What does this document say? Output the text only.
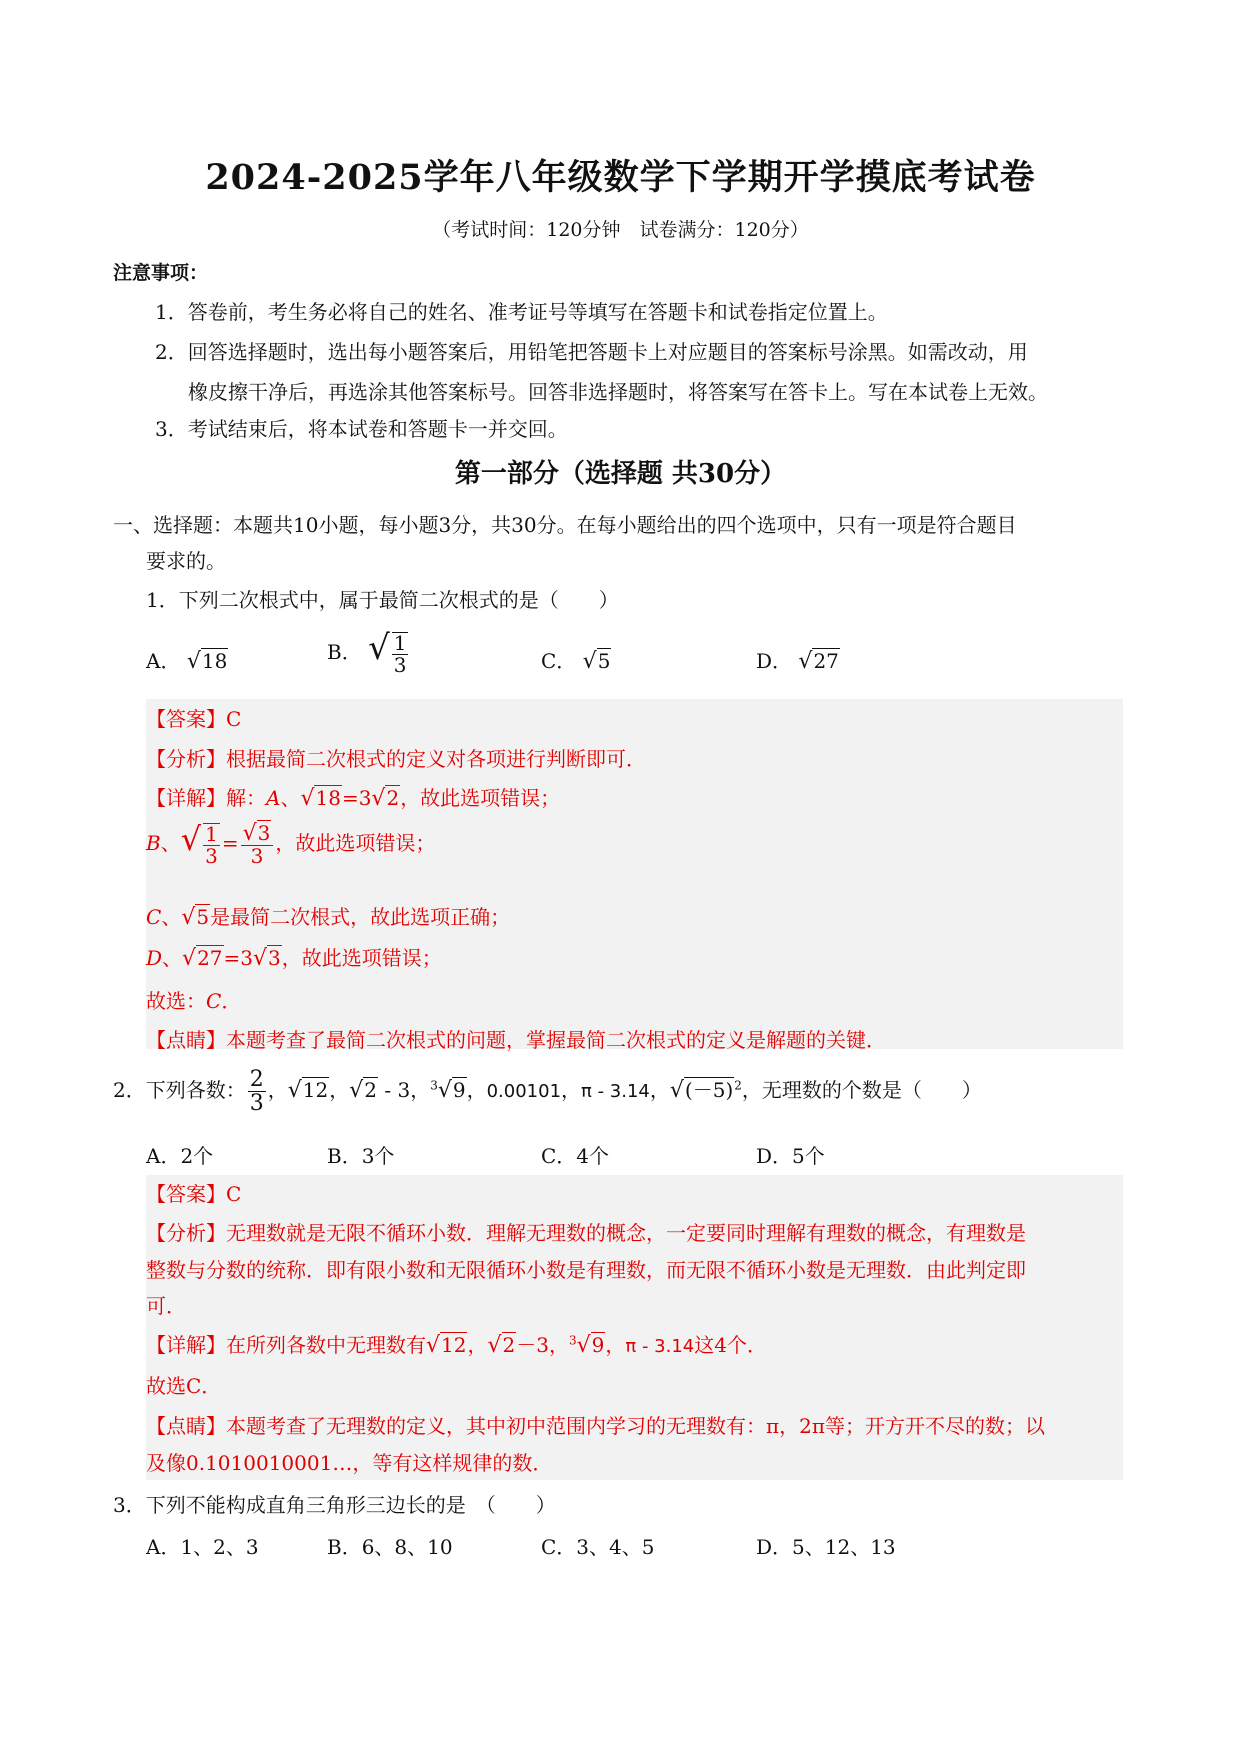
2024-2025学年八年级数学下学期开学摸底考试卷
（考试时间：120分钟　试卷满分：120分）
注意事项：
1．答卷前，考生务必将自己的姓名、准考证号等填写在答题卡和试卷指定位置上。
2．回答选择题时，选出每小题答案后，用铅笔把答题卡上对应题目的答案标号涂黑。如需改动，用
橡皮擦干净后，再选涂其他答案标号。回答非选择题时，将答案写在答卡上。写在本试卷上无效。
3．考试结束后，将本试卷和答题卡一并交回。
第一部分（选择题 共30分）
一、选择题：本题共10小题，每小题3分，共30分。在每小题给出的四个选项中，只有一项是符合题目
要求的。
1．下列二次根式中，属于最简二次根式的是（　　）
A． √18	B． √ $\frac{1}{3}$	C． √5	D． √27
【答案】C
【分析】根据最简二次根式的定义对各项进行判断即可．
【详解】解：A、√18=3√2，故此选项错误；
B、√ $\frac{1}{3} = \frac{√3}{3}$ ，故此选项错误；
C、√5是最简二次根式，故此选项正确；
D、√27=3√3，故此选项错误；
故选：C．
【点睛】本题考查了最简二次根式的问题，掌握最简二次根式的定义是解题的关键．
2．下列各数： $\frac{2}{3}$ ，√12，√2 - 3，$^3$√9，0.00101，π - 3.14，$√(-5)^2$，无理数的个数是（　　）
A．2个	B．3个	C．4个	D．5个
【答案】C
【分析】无理数就是无限不循环小数．理解无理数的概念，一定要同时理解有理数的概念，有理数是
整数与分数的统称．即有限小数和无限循环小数是有理数，而无限不循环小数是无理数．由此判定即
可．
【详解】在所列各数中无理数有√12，√2－3，$^3$√9，π - 3.14这4个．
故选C．
【点睛】本题考查了无理数的定义，其中初中范围内学习的无理数有：π，2π等；开方开不尽的数；以
及像0.1010010001…，等有这样规律的数．
3．下列不能构成直角三角形三边长的是　（　　）
A．1、2、3	B．6、8、10	C．3、4、5	D．5、12、13
